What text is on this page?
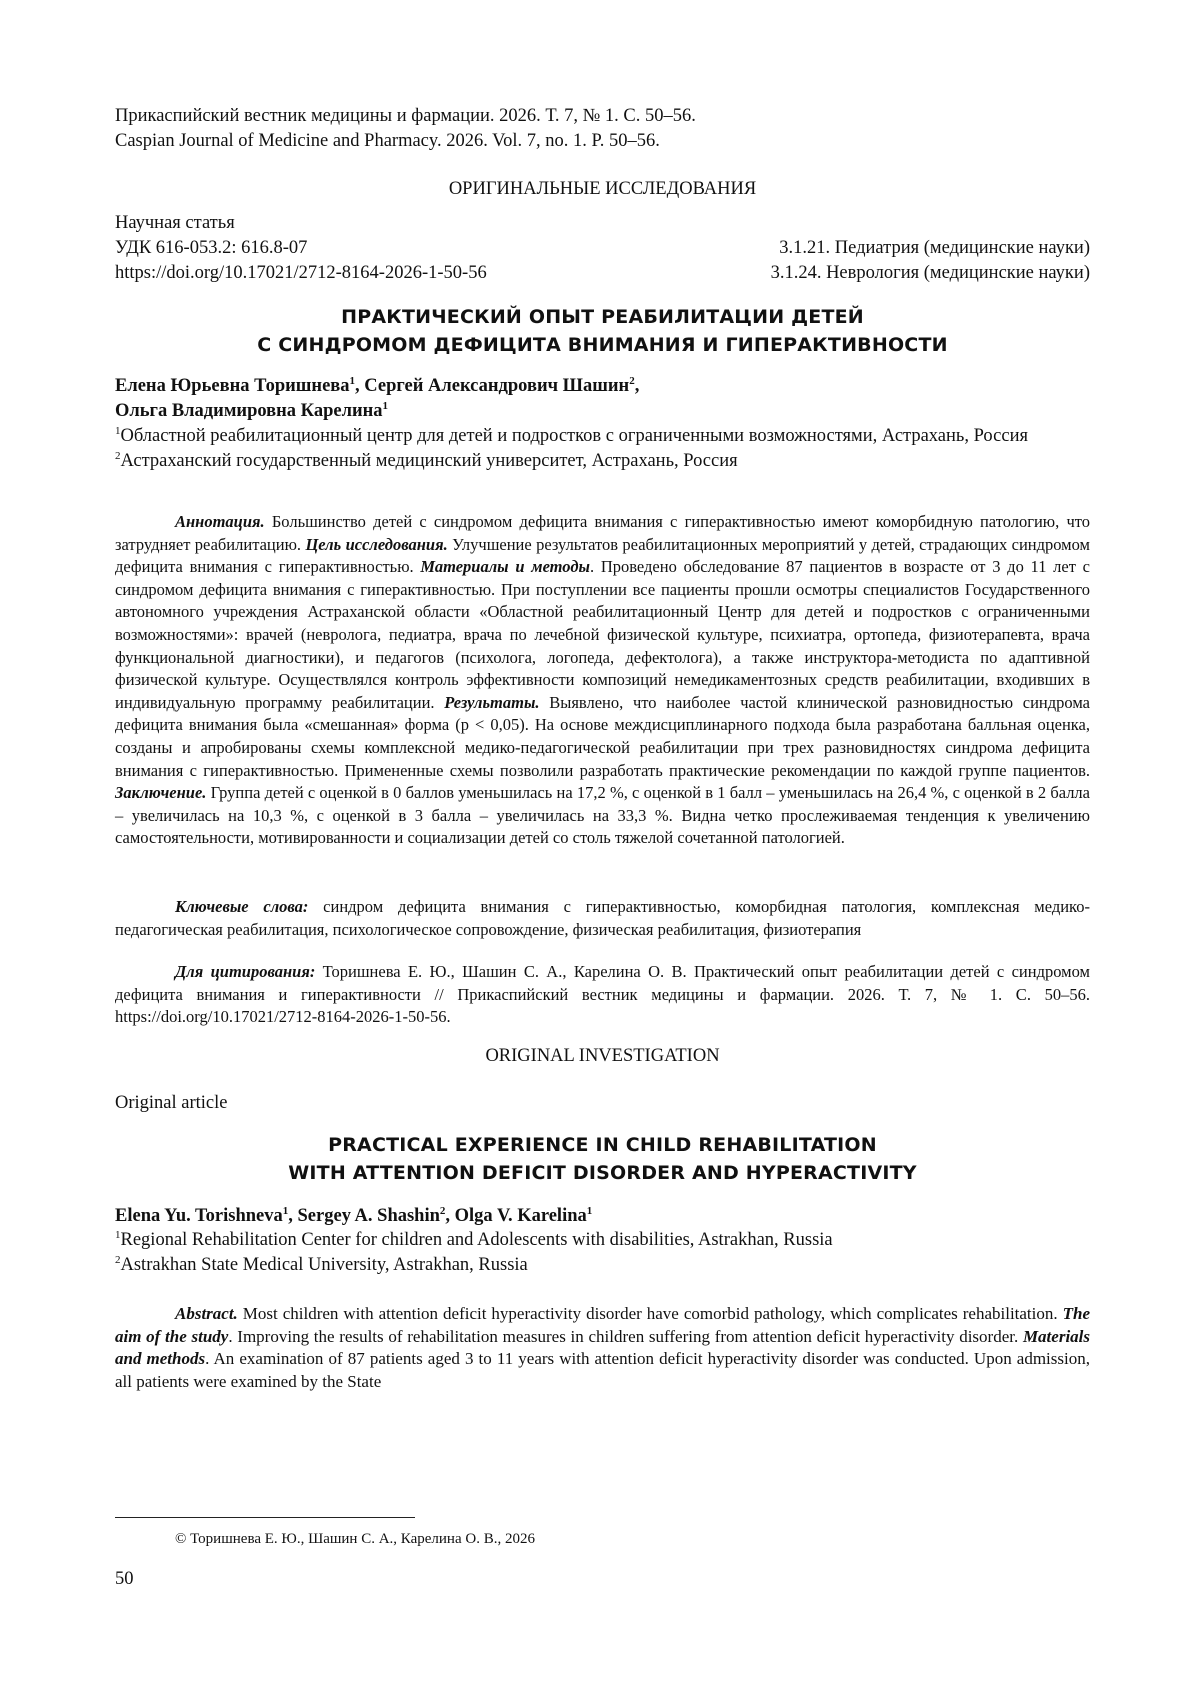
Прикаспийский вестник медицины и фармации. 2026. Т. 7, № 1. С. 50–56.
Caspian Journal of Medicine and Pharmacy. 2026. Vol. 7, no. 1. P. 50–56.
ОРИГИНАЛЬНЫЕ ИССЛЕДОВАНИЯ
Научная статья
УДК 616-053.2: 616.8-07	3.1.21. Педиатрия (медицинские науки)
https://doi.org/10.17021/2712-8164-2026-1-50-56	3.1.24. Неврология (медицинские науки)
ПРАКТИЧЕСКИЙ ОПЫТ РЕАБИЛИТАЦИИ ДЕТЕЙ
С СИНДРОМОМ ДЕФИЦИТА ВНИМАНИЯ И ГИПЕРАКТИВНОСТИ
Елена Юрьевна Торишнева$^1$, Сергей Александрович Шашин$^2$,
Ольга Владимировна Карелина$^1$
$^1$Областной реабилитационный центр для детей и подростков с ограниченными возможностями, Астрахань, Россия
$^2$Астраханский государственный медицинский университет, Астрахань, Россия
Аннотация. Большинство детей с синдромом дефицита внимания с гиперактивностью имеют коморбидную патологию, что затрудняет реабилитацию. Цель исследования. Улучшение результатов реабилитационных мероприятий у детей, страдающих синдромом дефицита внимания с гиперактивностью. Материалы и методы. Проведено обследование 87 пациентов в возрасте от 3 до 11 лет с синдромом дефицита внимания с гиперактивностью. При поступлении все пациенты прошли осмотры специалистов Государственного автономного учреждения Астраханской области «Областной реабилитационный Центр для детей и подростков с ограниченными возможностями»: врачей (невролога, педиатра, врача по лечебной физической культуре, психиатра, ортопеда, физиотерапевта, врача функциональной диагностики), и педагогов (психолога, логопеда, дефектолога), а также инструктора-методиста по адаптивной физической культуре. Осуществлялся контроль эффективности композиций немедикаментозных средств реабилитации, входивших в индивидуальную программу реабилитации. Результаты. Выявлено, что наиболее частой клинической разновидностью синдрома дефицита внимания была «смешанная» форма (p < 0,05). На основе междисциплинарного подхода была разработана балльная оценка, созданы и апробированы схемы комплексной медико-педагогической реабилитации при трех разновидностях синдрома дефицита внимания с гиперактивностью. Примененные схемы позволили разработать практические рекомендации по каждой группе пациентов. Заключение. Группа детей с оценкой в 0 баллов уменьшилась на 17,2 %, с оценкой в 1 балл – уменьшилась на 26,4 %, с оценкой в 2 балла – увеличилась на 10,3 %, с оценкой в 3 балла – увеличилась на 33,3 %. Видна четко прослеживаемая тенденция к увеличению самостоятельности, мотивированности и социализации детей со столь тяжелой сочетанной патологией.
Ключевые слова: синдром дефицита внимания с гиперактивностью, коморбидная патология, комплексная медико-педагогическая реабилитация, психологическое сопровождение, физическая реабилитация, физиотерапия
Для цитирования: Торишнева Е. Ю., Шашин С. А., Карелина О. В. Практический опыт реабилитации детей с синдромом дефицита внимания и гиперактивности // Прикаспийский вестник медицины и фармации. 2026. Т. 7, № 1. С. 50–56. https://doi.org/10.17021/2712-8164-2026-1-50-56.
ORIGINAL INVESTIGATION
Original article
PRACTICAL EXPERIENCE IN CHILD REHABILITATION
WITH ATTENTION DEFICIT DISORDER AND HYPERACTIVITY
Elena Yu. Torishneva$^1$, Sergey A. Shashin$^2$, Olga V. Karelina$^1$
$^1$Regional Rehabilitation Center for children and Adolescents with disabilities, Astrakhan, Russia
$^2$Astrakhan State Medical University, Astrakhan, Russia
Abstract. Most children with attention deficit hyperactivity disorder have comorbid pathology, which complicates rehabilitation. The aim of the study. Improving the results of rehabilitation measures in children suffering from attention deficit hyperactivity disorder. Materials and methods. An examination of 87 patients aged 3 to 11 years with attention deficit hyperactivity disorder was conducted. Upon admission, all patients were examined by the State
© Торишнева Е. Ю., Шашин С. А., Карелина О. В., 2026
50
